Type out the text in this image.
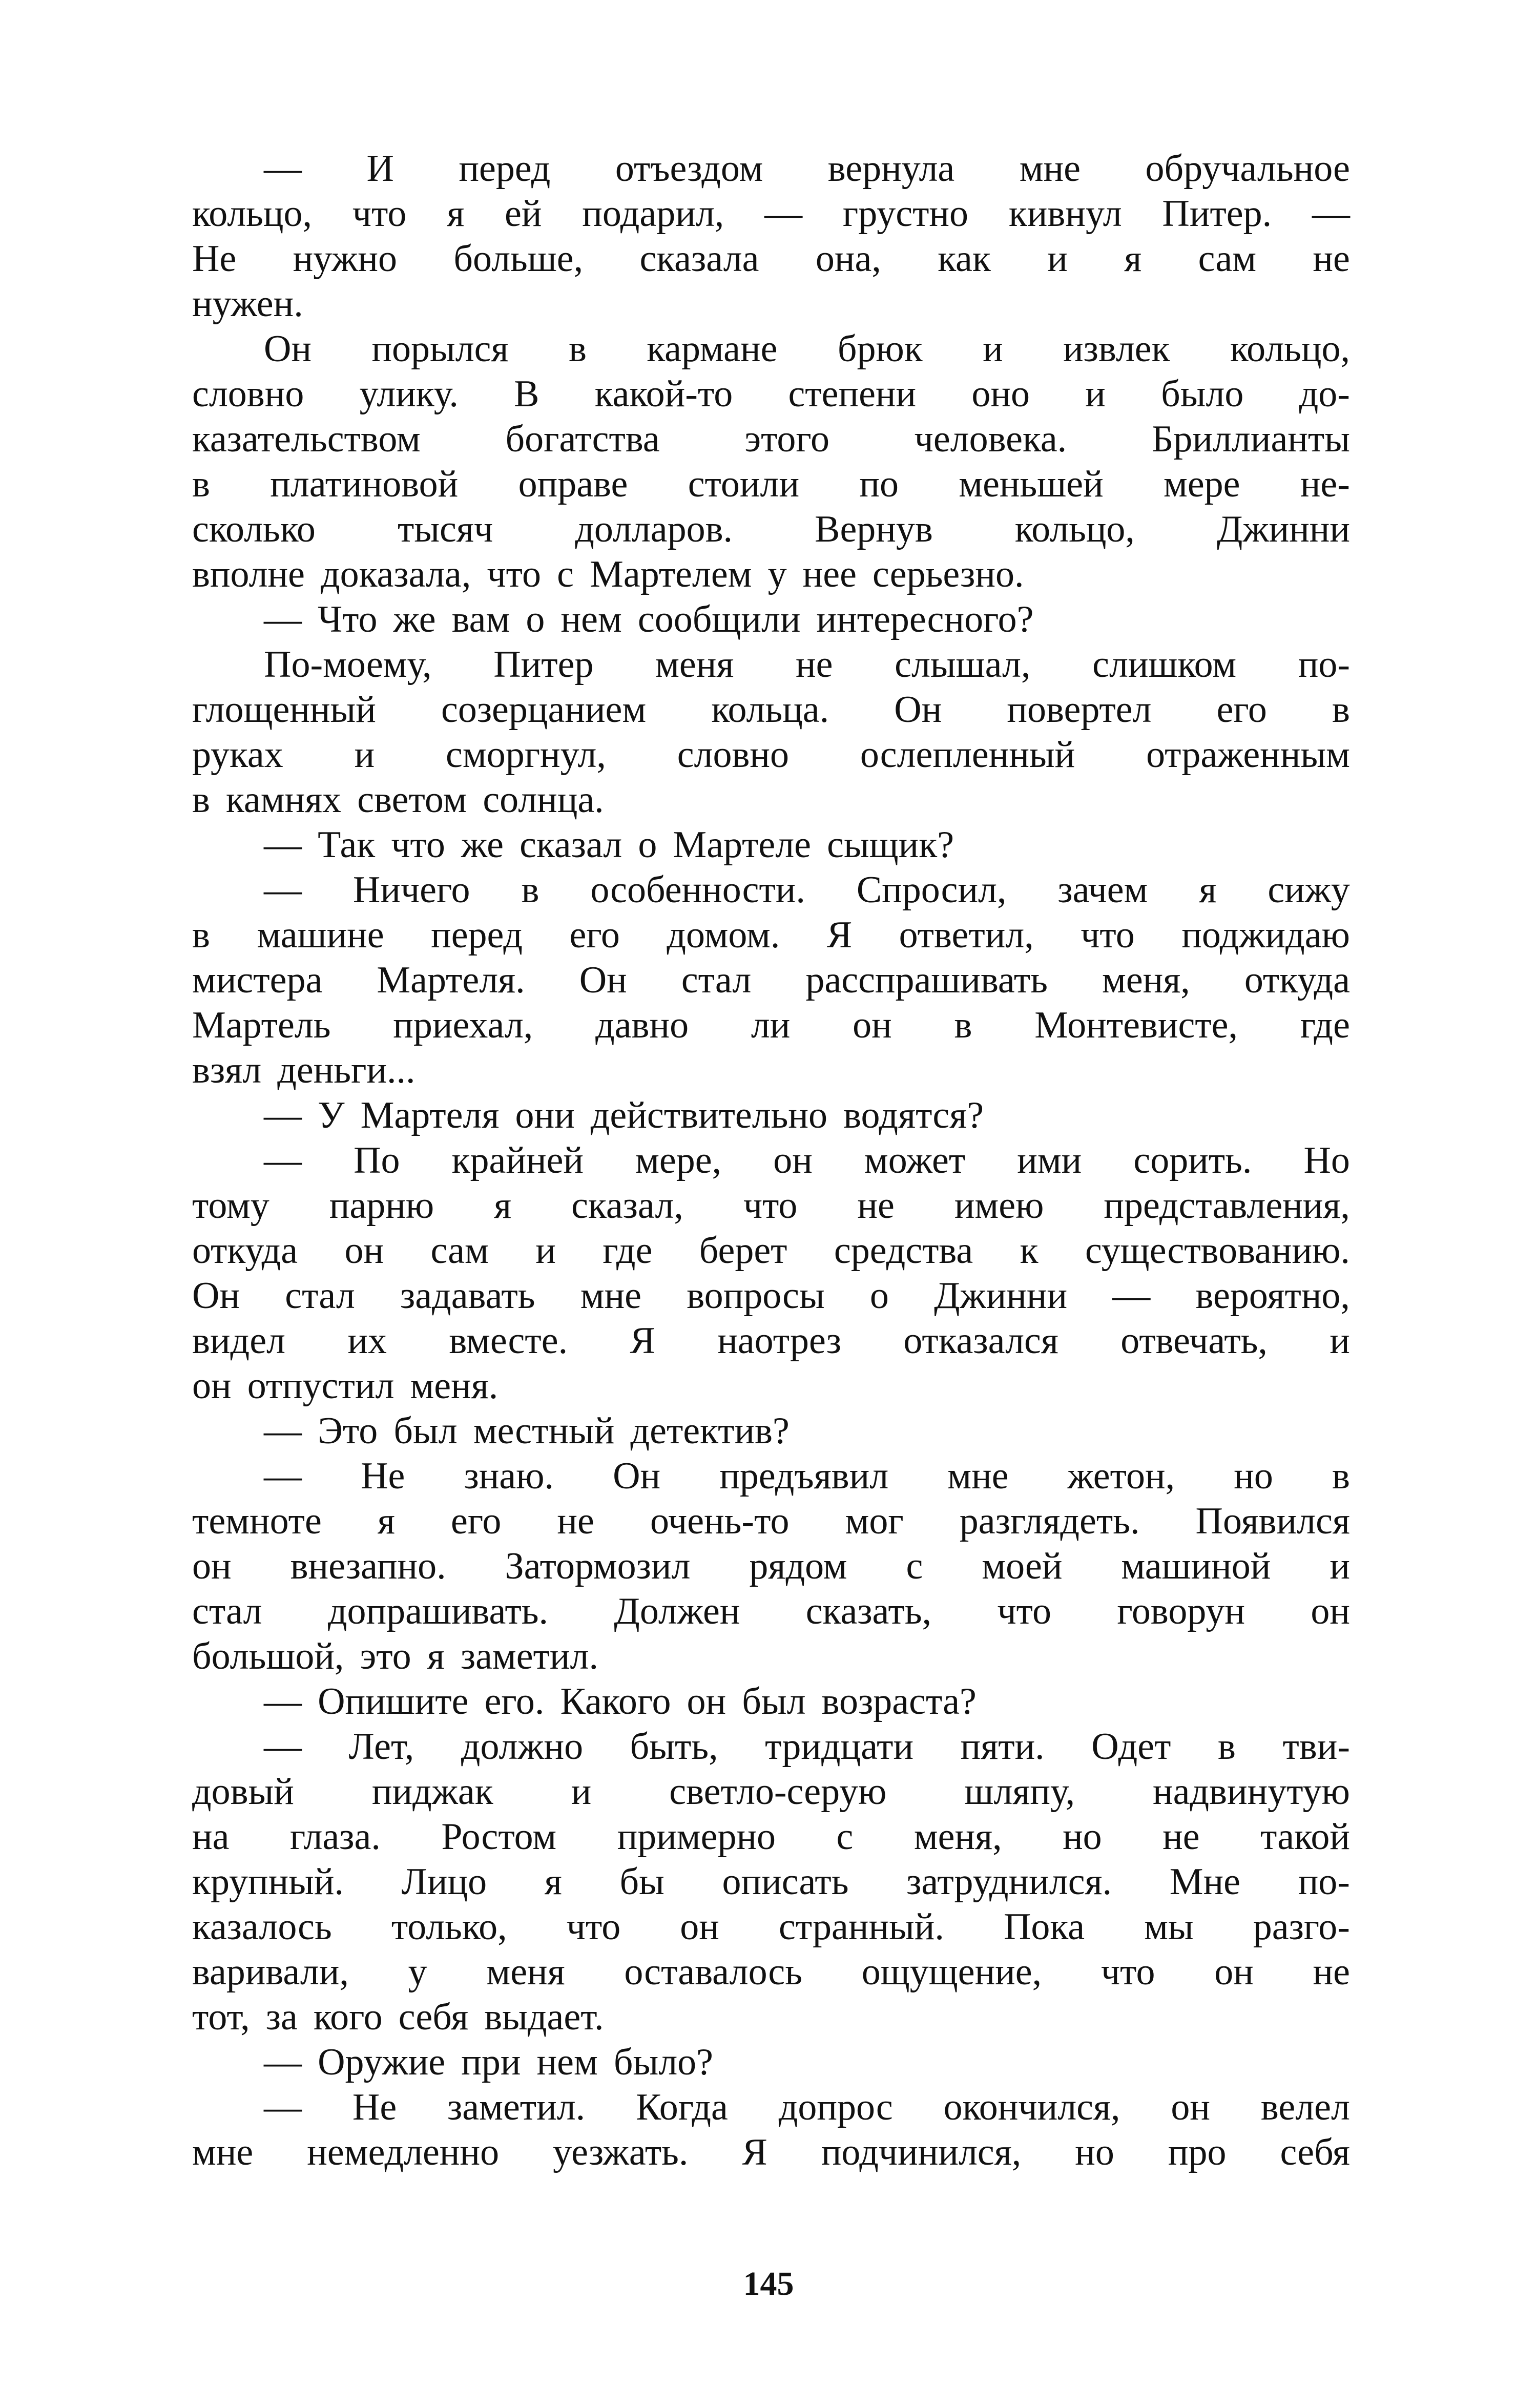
— И перед отъездом вернула мне обручальное
кольцо, что я ей подарил, — грустно кивнул Питер. —
Не нужно больше, сказала она, как и я сам не
нужен.
Он порылся в кармане брюк и извлек кольцо,
словно улику. В какой-то степени оно и было до-
казательством богатства этого человека. Бриллианты
в платиновой оправе стоили по меньшей мере не-
сколько тысяч долларов. Вернув кольцо, Джинни
вполне доказала, что с Мартелем у нее серьезно.
— Что же вам о нем сообщили интересного?
По-моему, Питер меня не слышал, слишком по-
глощенный созерцанием кольца. Он повертел его в
руках и сморгнул, словно ослепленный отраженным
в камнях светом солнца.
— Так что же сказал о Мартеле сыщик?
— Ничего в особенности. Спросил, зачем я сижу
в машине перед его домом. Я ответил, что поджидаю
мистера Мартеля. Он стал расспрашивать меня, откуда
Мартель приехал, давно ли он в Монтевисте, где
взял деньги...
— У Мартеля они действительно водятся?
— По крайней мере, он может ими сорить. Но
тому парню я сказал, что не имею представления,
откуда он сам и где берет средства к существованию.
Он стал задавать мне вопросы о Джинни — вероятно,
видел их вместе. Я наотрез отказался отвечать, и
он отпустил меня.
— Это был местный детектив?
— Не знаю. Он предъявил мне жетон, но в
темноте я его не очень-то мог разглядеть. Появился
он внезапно. Затормозил рядом с моей машиной и
стал допрашивать. Должен сказать, что говорун он
большой, это я заметил.
— Опишите его. Какого он был возраста?
— Лет, должно быть, тридцати пяти. Одет в тви-
довый пиджак и светло-серую шляпу, надвинутую
на глаза. Ростом примерно с меня, но не такой
крупный. Лицо я бы описать затруднился. Мне по-
казалось только, что он странный. Пока мы разго-
варивали, у меня оставалось ощущение, что он не
тот, за кого себя выдает.
— Оружие при нем было?
— Не заметил. Когда допрос окончился, он велел
мне немедленно уезжать. Я подчинился, но про себя
145
